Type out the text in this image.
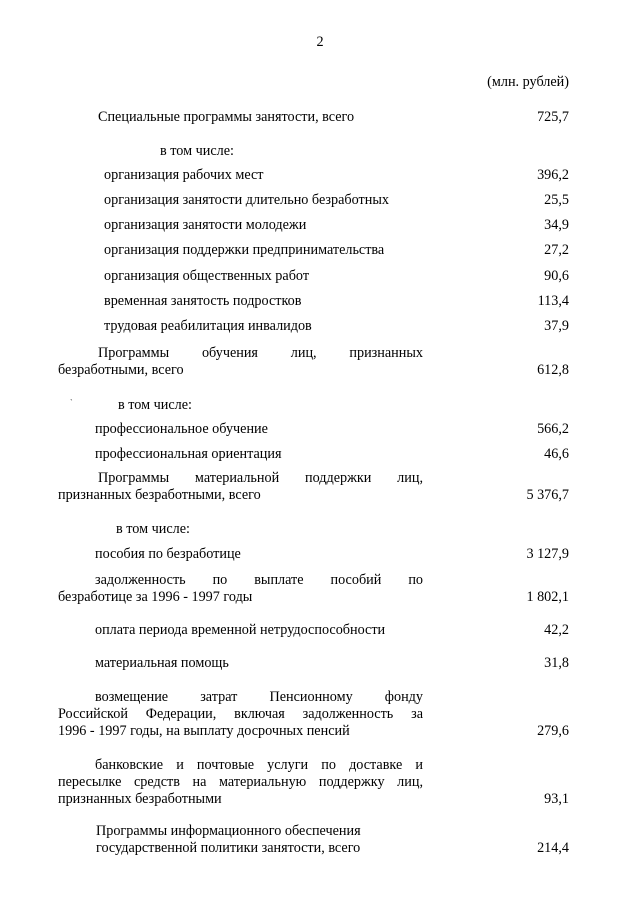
2
(млн. рублей)
Специальные программы занятости, всего	725,7
в том числе:
организация рабочих мест	396,2
организация занятости длительно безработных	25,5
организация занятости молодежи	34,9
организация поддержки предпринимательства	27,2
организация общественных работ	90,6
временная занятость подростков	113,4
трудовая реабилитация инвалидов	37,9
Программы обучения лиц, признанных
безработными, всего	612,8
`	в том числе:
профессиональное обучение	566,2
профессиональная ориентация	46,6
Программы материальной поддержки лиц,
признанных безработными, всего	5 376,7
в том числе:
пособия по безработице	3 127,9
задолженность по выплате пособий по
безработице за 1996 - 1997 годы	1 802,1
оплата периода временной нетрудоспособности	42,2
материальная помощь	31,8
возмещение затрат Пенсионному фонду
Российской Федерации, включая задолженность за
1996 - 1997 годы, на выплату досрочных пенсий	279,6
банковские и почтовые услуги по доставке и
пересылке средств на материальную поддержку лиц,
признанных безработными	93,1
Программы информационного обеспечения
государственной политики занятости, всего	214,4
